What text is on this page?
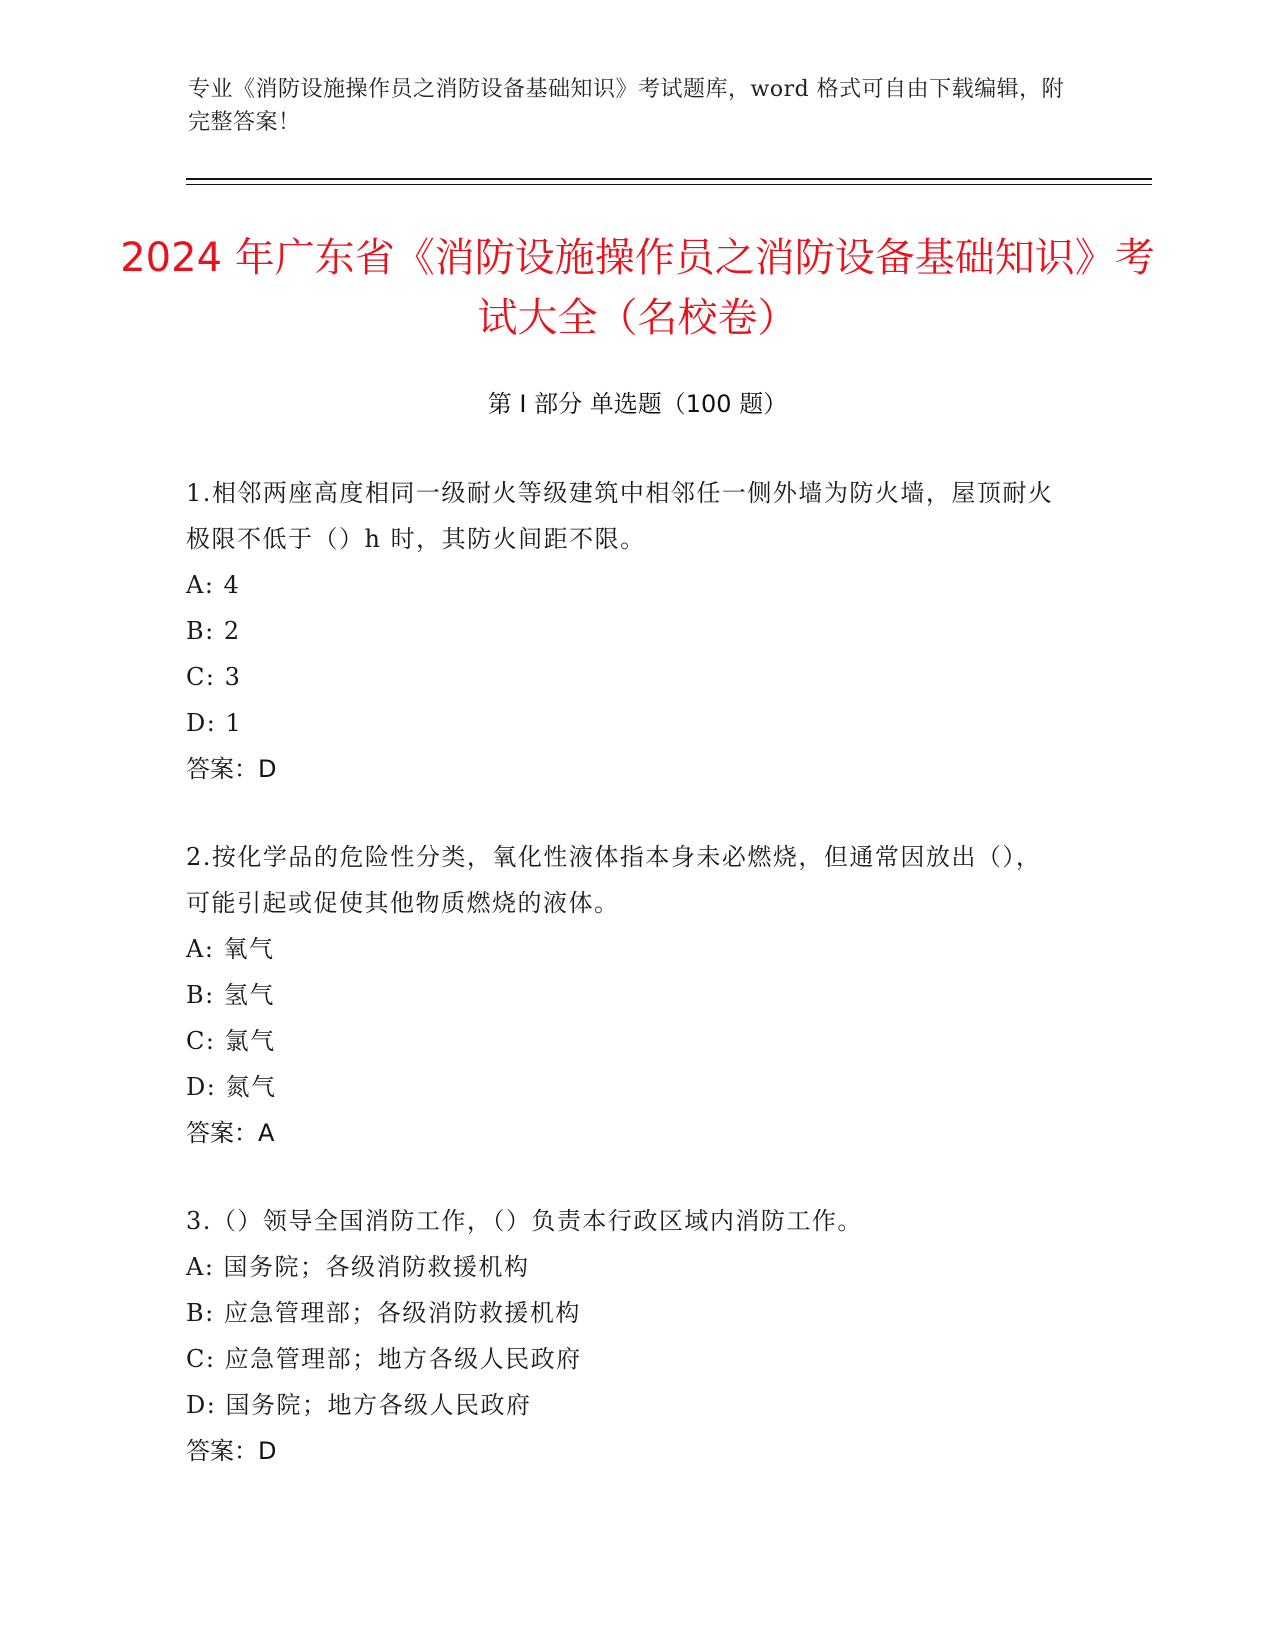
专业《消防设施操作员之消防设备基础知识》考试题库，word 格式可自由下载编辑，附完整答案！
2024 年广东省《消防设施操作员之消防设备基础知识》考试大全（名校卷）
第 I 部分 单选题（100 题）

1.相邻两座高度相同一级耐火等级建筑中相邻任一侧外墙为防火墙，屋顶耐火极限不低于（）h 时，其防火间距不限。

A: 4

B: 2

C: 3

D: 1

答案：D

2.按化学品的危险性分类，氧化性液体指本身未必燃烧，但通常因放出（），可能引起或促使其他物质燃烧的液体。

A: 氧气

B: 氢气

C: 氯气

D: 氮气

答案：A

3.（）领导全国消防工作，（）负责本行政区域内消防工作。

A: 国务院；各级消防救援机构

B: 应急管理部；各级消防救援机构

C: 应急管理部；地方各级人民政府

D: 国务院；地方各级人民政府

答案：D
